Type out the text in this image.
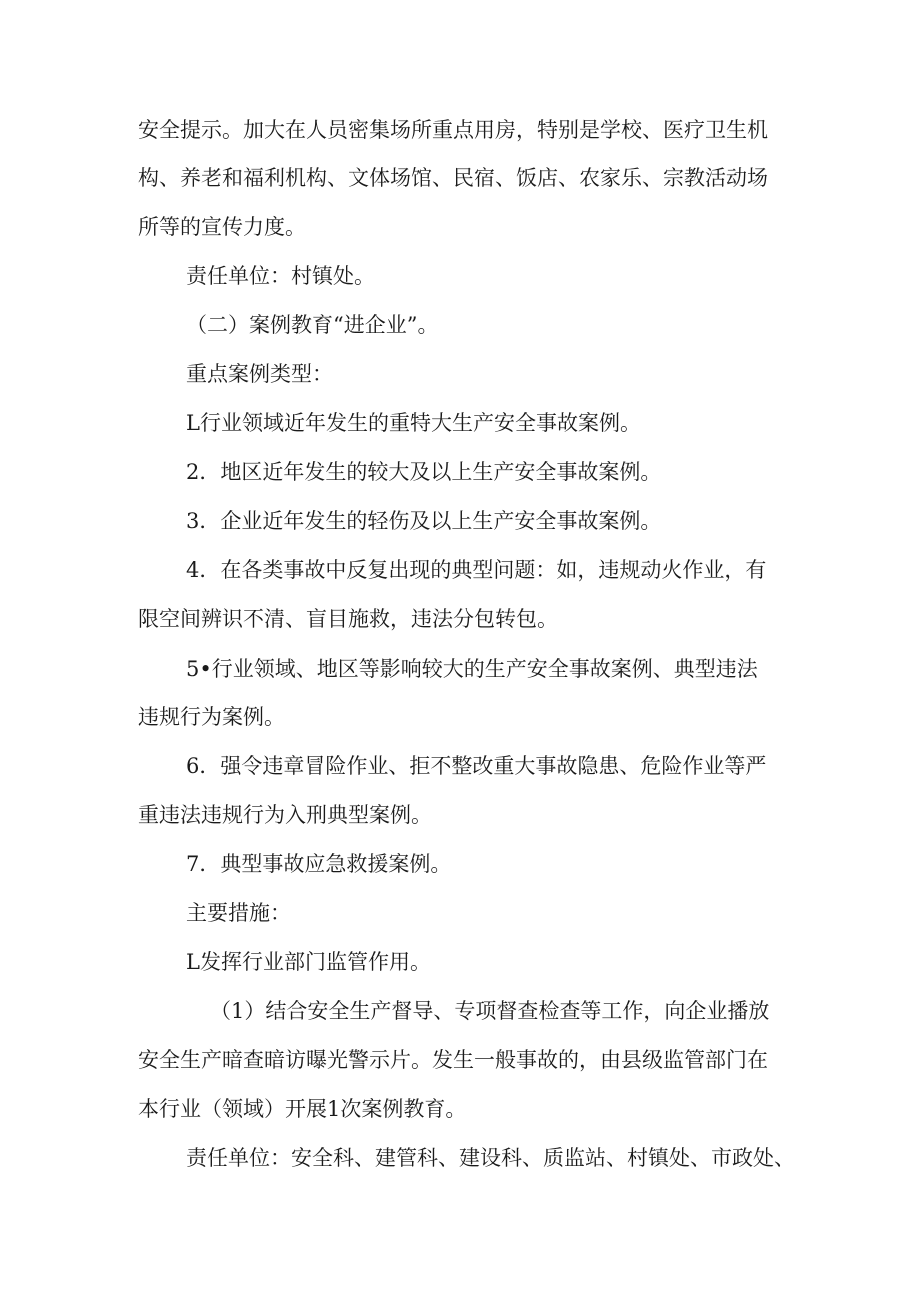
安全提示。加大在人员密集场所重点用房，特别是学校、医疗卫生机
构、养老和福利机构、文体场馆、民宿、饭店、农家乐、宗教活动场
所等的宣传力度。
责任单位：村镇处。
（二）案例教育“进企业”。
重点案例类型：
L行业领域近年发生的重特大生产安全事故案例。
2．地区近年发生的较大及以上生产安全事故案例。
3．企业近年发生的轻伤及以上生产安全事故案例。
4．在各类事故中反复出现的典型问题：如，违规动火作业，有
限空间辨识不清、盲目施救，违法分包转包。
5•行业领域、地区等影响较大的生产安全事故案例、典型违法
违规行为案例。
6．强令违章冒险作业、拒不整改重大事故隐患、危险作业等严
重违法违规行为入刑典型案例。
7．典型事故应急救援案例。
主要措施：
L发挥行业部门监管作用。
（1）结合安全生产督导、专项督查检查等工作，向企业播放
安全生产暗查暗访曝光警示片。发生一般事故的，由县级监管部门在
本行业（领域）开展1次案例教育。
责任单位：安全科、建管科、建设科、质监站、村镇处、市政处、
